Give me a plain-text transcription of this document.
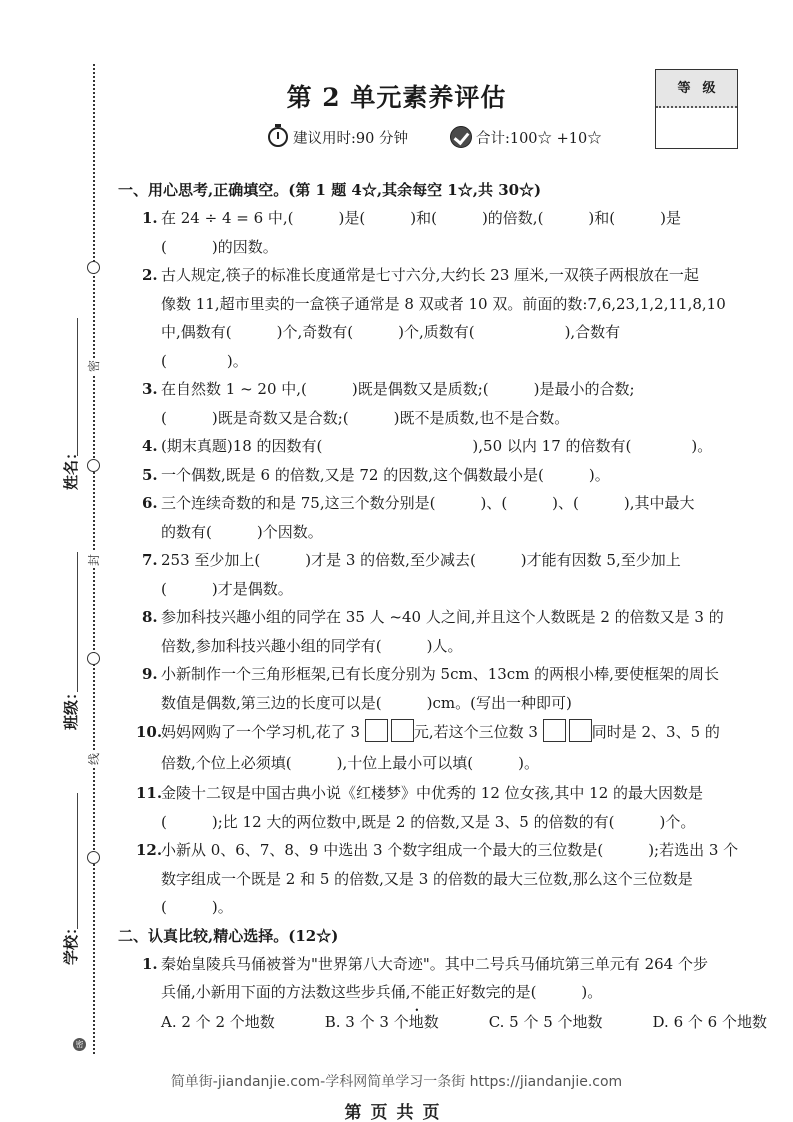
密
封
线
姓名：
班级：
学校：
密
第 2 单元素养评估
建议用时:90 分钟	合计:100☆ +10☆
等级
一、用心思考,正确填空。(第 1 题 4☆,其余每空 1☆,共 30☆)
1. 在 24 ÷ 4 = 6 中,(　　　)是(　　　)和(　　　)的倍数,(　　　)和(　　　)是
(　　　)的因数。
2. 古人规定,筷子的标准长度通常是七寸六分,大约长 23 厘米,一双筷子两根放在一起
像数 11,超市里卖的一盒筷子通常是 8 双或者 10 双。前面的数:7,6,23,1,2,11,8,10
中,偶数有(　　　)个,奇数有(　　　)个,质数有(　　　　　　),合数有
(　　　　)。
3. 在自然数 1 ~ 20 中,(　　　)既是偶数又是质数;(　　　)是最小的合数;
(　　　)既是奇数又是合数;(　　　)既不是质数,也不是合数。
4. (期末真题)18 的因数有(　　　　　　　　　　),50 以内 17 的倍数有(　　　　)。
5. 一个偶数,既是 6 的倍数,又是 72 的因数,这个偶数最小是(　　　)。
6. 三个连续奇数的和是 75,这三个数分别是(　　　)、(　　　)、(　　　),其中最大
的数有(　　　)个因数。
7. 253 至少加上(　　　)才是 3 的倍数,至少减去(　　　)才能有因数 5,至少加上
(　　　)才是偶数。
8. 参加科技兴趣小组的同学在 35 人 ~40 人之间,并且这个人数既是 2 的倍数又是 3 的
倍数,参加科技兴趣小组的同学有(　　　)人。
9. 小新制作一个三角形框架,已有长度分别为 5cm、13cm 的两根小棒,要使框架的周长
数值是偶数,第三边的长度可以是(　　　)cm。(写出一种即可)
10.
妈妈网购了一个学习机,花了 3	元,若这个三位数 3	同时是 2、3、5 的
倍数,个位上必须填(　　　),十位上最小可以填(　　　)。
11.
金陵十二钗是中国古典小说《红楼梦》中优秀的 12 位女孩,其中 12 的最大因数是
(　　　);比 12 大的两位数中,既是 2 的倍数,又是 3、5 的倍数的有(　　　)个。
12.
小新从 0、6、7、8、9 中选出 3 个数字组成一个最大的三位数是(　　　);若选出 3 个
数字组成一个既是 2 和 5 的倍数,又是 3 的倍数的最大三位数,那么这个三位数是
(　　　)。
二、认真比较,精心选择。(12☆)
1. 秦始皇陵兵马俑被誉为"世界第八大奇迹"。其中二号兵马俑坑第三单元有 264 个步
兵俑,小新用下面的方法数这些步兵俑,不能正好数完的是(　　　)。
A. 2 个 2 个地数	B. 3 个 3 个地数	C. 5 个 5 个地数	D. 6 个 6 个地数
简单街-jiandanjie.com-学科网简单学习一条街 https://jiandanjie.com
第页共页
